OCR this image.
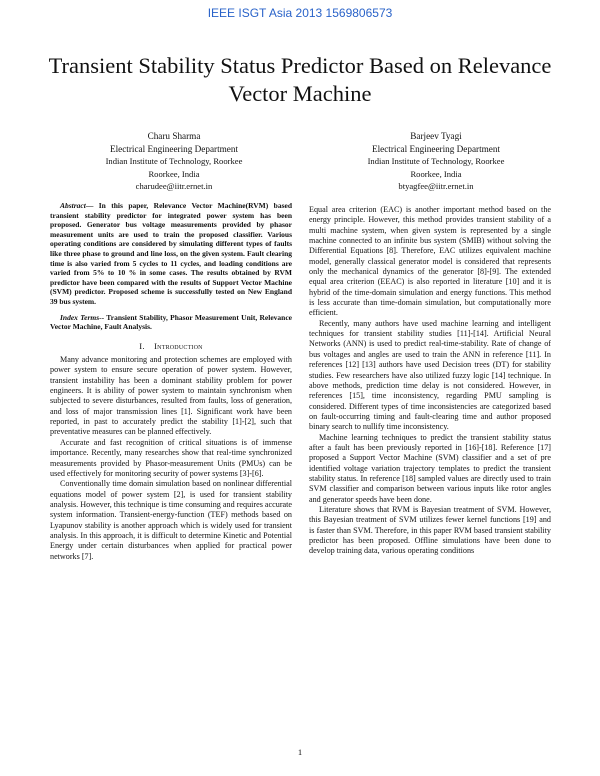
IEEE ISGT Asia 2013 1569806573
Transient Stability Status Predictor Based on Relevance Vector Machine
Charu Sharma
Electrical Engineering Department
Indian Institute of Technology, Roorkee
Roorkee, India
charudee@iitr.ernet.in
Barjeev Tyagi
Electrical Engineering Department
Indian Institute of Technology, Roorkee
Roorkee, India
btyagfee@iitr.ernet.in

Abstract— In this paper, Relevance Vector Machine(RVM) based transient stability predictor for integrated power system has been proposed. Generator bus voltage measurements provided by phasor measurement units are used to train the proposed classifier. Various operating conditions are considered by simulating different types of faults like three phase to ground and line loss, on the given system. Fault clearing time is also varied from 5 cycles to 11 cycles, and loading conditions are varied from 5% to 10 % in some cases. The results obtained by RVM predictor have been compared with the results of Support Vector Machine (SVM) predictor. Proposed scheme is successfully tested on New England 39 bus system.

Index Terms-- Transient Stability, Phasor Measurement Unit, Relevance Vector Machine, Fault Analysis.

I. Introduction

Many advance monitoring and protection schemes are employed with power system to ensure secure operation of power system. However, transient instability has been a dominant stability problem for power engineers. It is ability of power system to maintain synchronism when subjected to severe disturbances, resulted from faults, loss of generation, and loss of major transmission lines [1]. Significant work have been reported, in past to accurately predict the stability [1]-[2], such that preventative measures can be planned effectively.

Accurate and fast recognition of critical situations is of immense importance. Recently, many researches show that real-time synchronized measurements provided by Phasor-measurement Units (PMUs) can be used effectively for monitoring security of power systems [3]-[6].

Conventionally time domain simulation based on nonlinear differential equations model of power system [2], is used for transient stability analysis. However, this technique is time consuming and requires accurate system information. Transient-energy-function (TEF) methods based on Lyapunov stability is another approach which is widely used for transient analysis. In this approach, it is difficult to determine Kinetic and Potential Energy under certain disturbances when applied for practical power networks [7].

Equal area criterion (EAC) is another important method based on the energy principle. However, this method provides transient stability of a multi machine system, when given system is represented by a single machine connected to an infinite bus system (SMIB) without solving the Differential Equations [8]. Therefore, EAC utilizes equivalent machine model, generally classical generator model is considered that represents only the mechanical dynamics of the generator [8]-[9]. The extended equal area criterion (EEAC) is also reported in literature [10] and it is hybrid of the time-domain simulation and energy functions. This method is less accurate than time-domain simulation, but computationally more efficient.

Recently, many authors have used machine learning and intelligent techniques for transient stability studies [11]-[14]. Artificial Neural Networks (ANN) is used to predict real-time-stability. Rate of change of bus voltages and angles are used to train the ANN in reference [11]. In references [12] [13] authors have used Decision trees (DT) for stability studies. Few researchers have also utilized fuzzy logic [14] technique. In above methods, prediction time delay is not considered. However, in references [15], time inconsistency, regarding PMU sampling is considered. Different types of time inconsistencies are categorized based on fault-occurring timing and fault-clearing time and author proposed binary search to nullify time inconsistency.

Machine learning techniques to predict the transient stability status after a fault has been previously reported in [16]-[18]. Reference [17] proposed a Support Vector Machine (SVM) classifier and a set of pre identified voltage variation trajectory templates to predict the transient stability status. In reference [18] sampled values are directly used to train SVM classifier and comparison between various inputs like rotor angles and generator speeds have been done.

Literature shows that RVM is Bayesian treatment of SVM. However, this Bayesian treatment of SVM utilizes fewer kernel functions [19] and is faster than SVM. Therefore, in this paper RVM based transient stability predictor has been proposed. Offline simulations have been done to develop training data, various operating conditions

1
